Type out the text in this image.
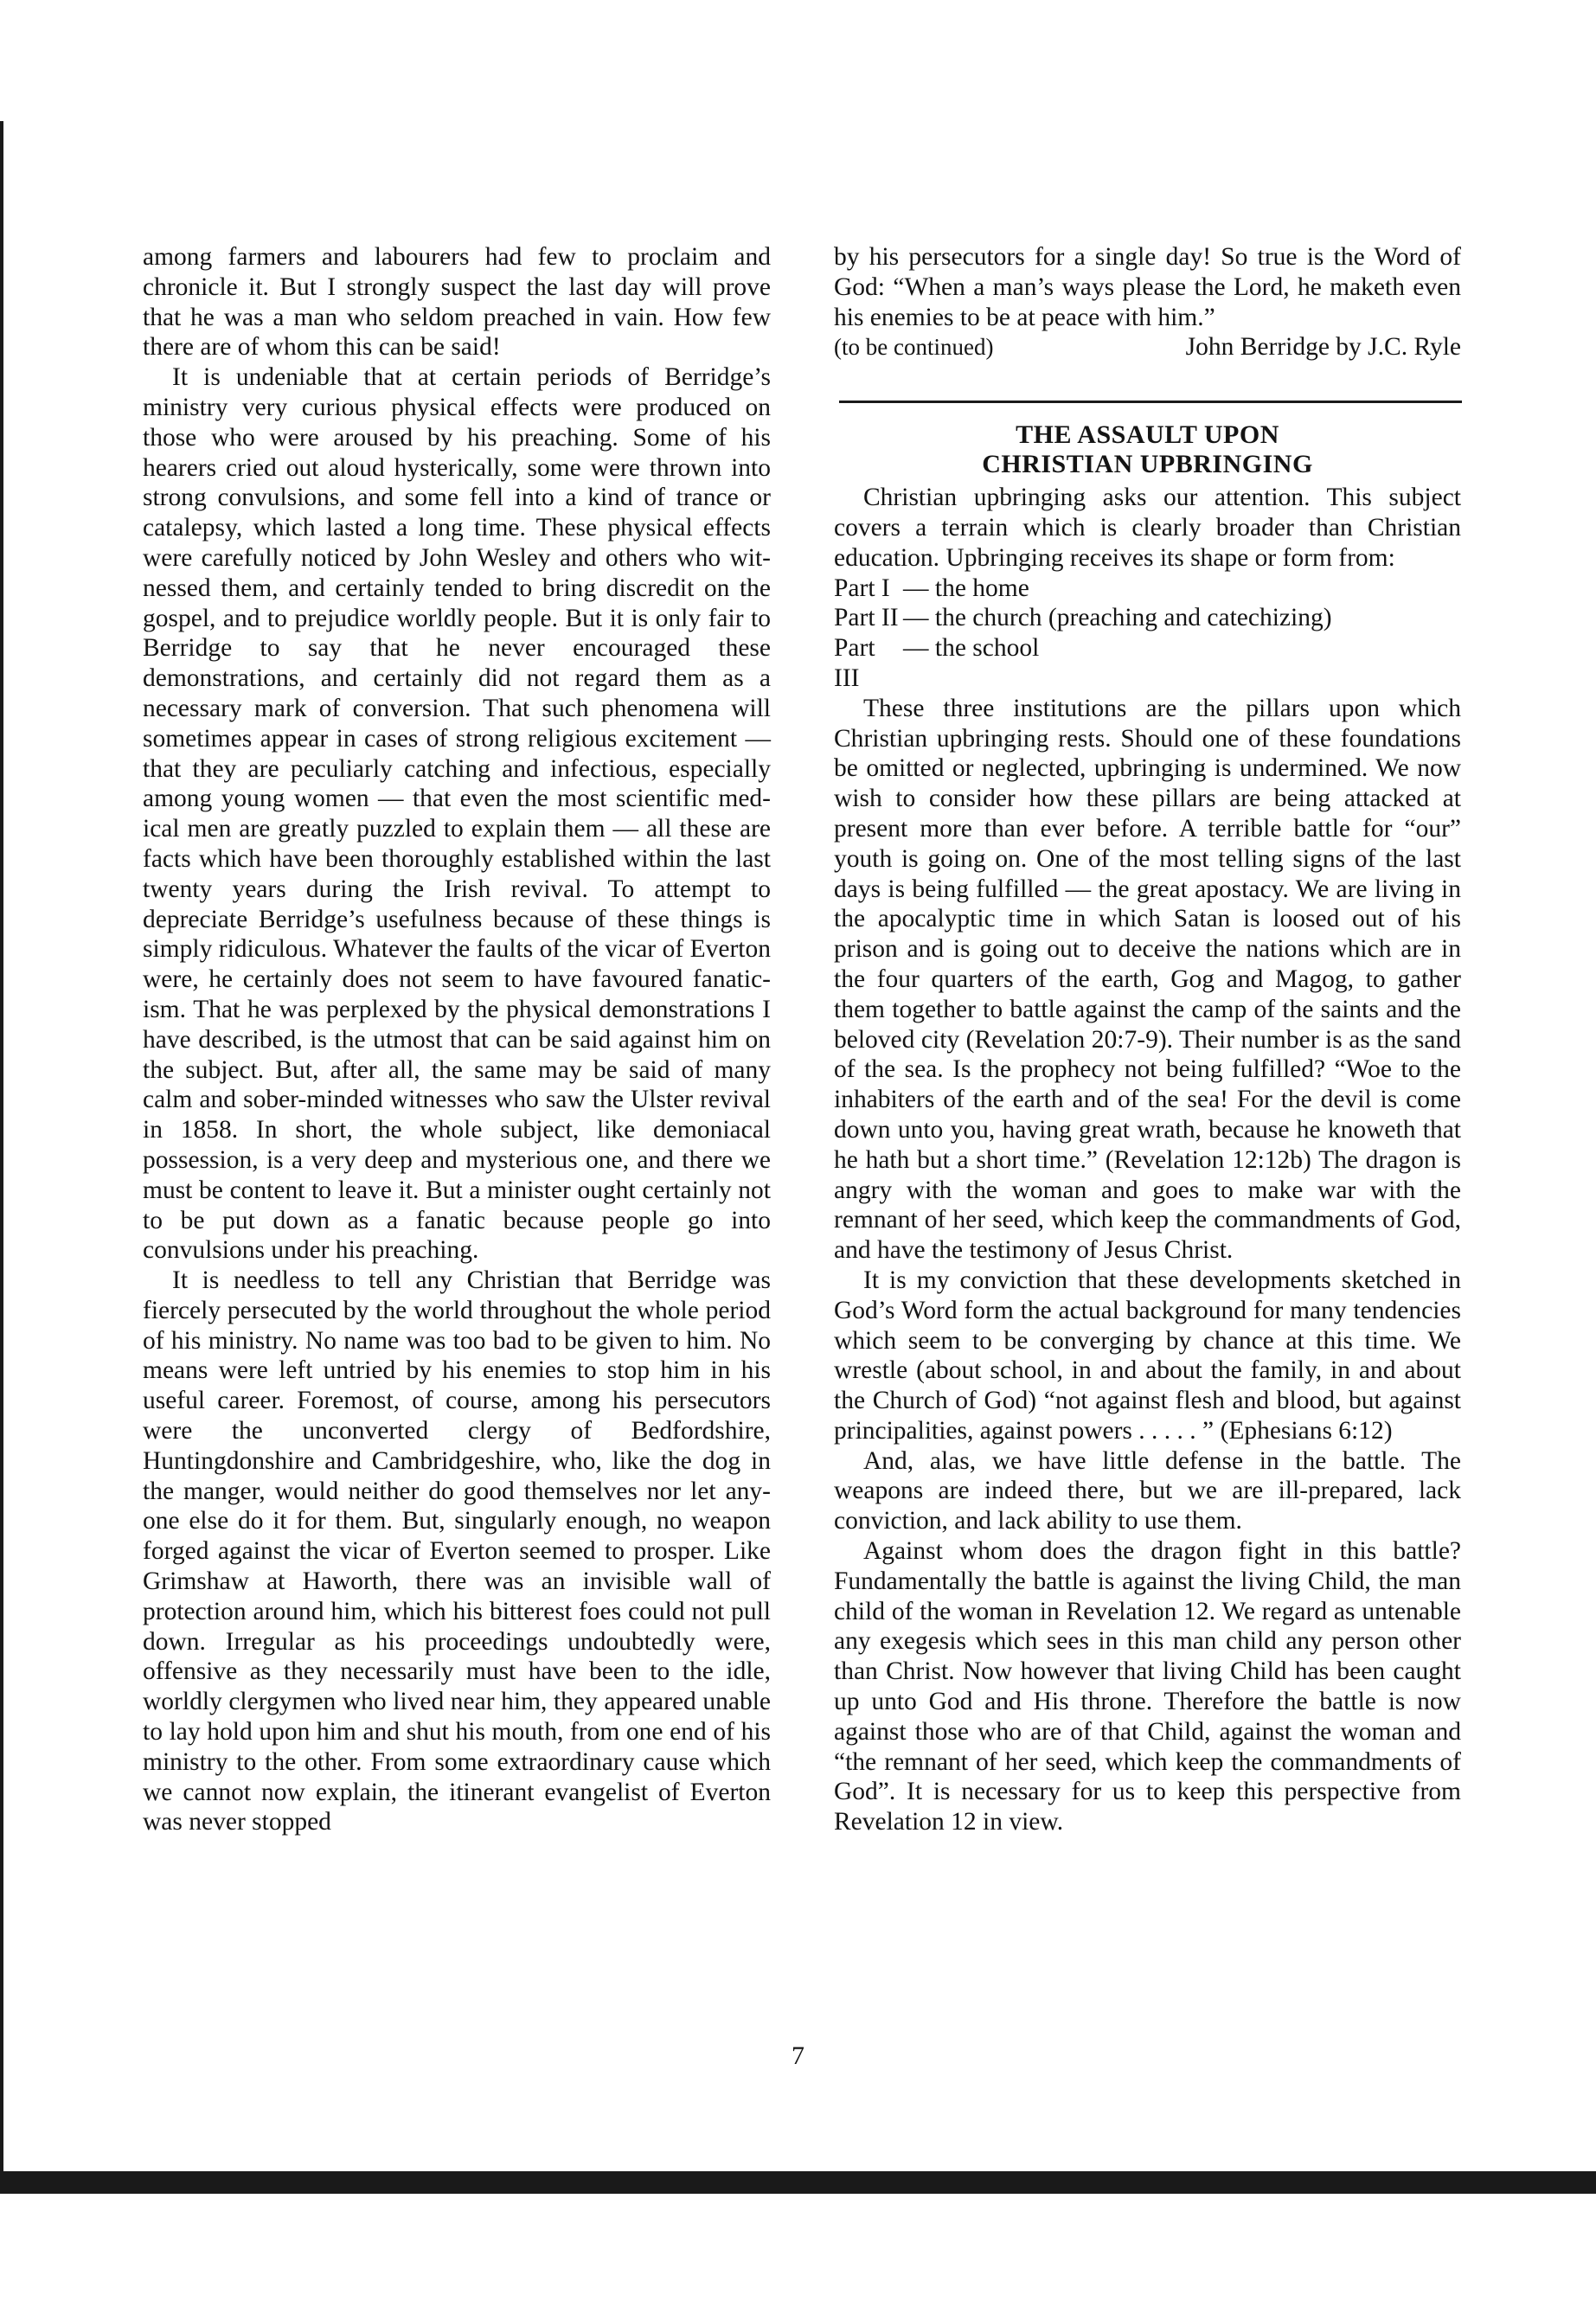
among farmers and labourers had few to proclaim and chronicle it. But I strongly suspect the last day will prove that he was a man who seldom preached in vain. How few there are of whom this can be said!

It is undeniable that at certain periods of Berridge’s ministry very curious physical effects were produced on those who were aroused by his preaching. Some of his hearers cried out aloud hysterically, some were thrown into strong convulsions, and some fell into a kind of trance or catalepsy, which lasted a long time. These physical effects were carefully noticed by John Wesley and others who witnessed them, and certainly tended to bring discredit on the gospel, and to prejudice worldly people. But it is only fair to Berridge to say that he never encouraged these demonstrations, and certainly did not regard them as a necessary mark of conversion. That such phenomena will sometimes appear in cases of strong religious excitement — that they are peculiarly catching and infectious, especially among young women — that even the most scientific medical men are greatly puzzled to explain them — all these are facts which have been thoroughly established within the last twenty years during the Irish revival. To attempt to depreciate Berridge’s usefulness because of these things is simply ridiculous. Whatever the faults of the vicar of Everton were, he certainly does not seem to have favoured fanaticism. That he was perplexed by the physical demonstrations I have described, is the utmost that can be said against him on the subject. But, after all, the same may be said of many calm and sober-minded witnesses who saw the Ulster revival in 1858. In short, the whole subject, like demoniacal possession, is a very deep and mysterious one, and there we must be content to leave it. But a minister ought certainly not to be put down as a fanatic because people go into convulsions under his preaching.

It is needless to tell any Christian that Berridge was fiercely persecuted by the world throughout the whole period of his ministry. No name was too bad to be given to him. No means were left untried by his enemies to stop him in his useful career. Foremost, of course, among his persecutors were the unconverted clergy of Bedfordshire, Huntingdonshire and Cambridgeshire, who, like the dog in the manger, would neither do good themselves nor let anyone else do it for them. But, singularly enough, no weapon forged against the vicar of Everton seemed to prosper. Like Grimshaw at Haworth, there was an invisible wall of protection around him, which his bitterest foes could not pull down. Irregular as his proceedings undoubtedly were, offensive as they necessarily must have been to the idle, worldly clergymen who lived near him, they appeared unable to lay hold upon him and shut his mouth, from one end of his ministry to the other. From some extraordinary cause which we cannot now explain, the itinerant evangelist of Everton was never stopped

by his persecutors for a single day! So true is the Word of God: “When a man’s ways please the Lord, he maketh even his enemies to be at peace with him.”

(to be continued)	John Berridge by J.C. Ryle
THE ASSAULT UPON
CHRISTIAN UPBRINGING

Christian upbringing asks our attention. This subject covers a terrain which is clearly broader than Christian education. Upbringing receives its shape or form from:

Part I — the home
Part II — the church (preaching and catechizing)
Part III
— the school

These three institutions are the pillars upon which Christian upbringing rests. Should one of these foundations be omitted or neglected, upbringing is undermined. We now wish to consider how these pillars are being attacked at present more than ever before. A terrible battle for “our” youth is going on. One of the most telling signs of the last days is being fulfilled — the great apostacy. We are living in the apocalyptic time in which Satan is loosed out of his prison and is going out to deceive the nations which are in the four quarters of the earth, Gog and Magog, to gather them together to battle against the camp of the saints and the beloved city (Revelation 20:7-9). Their number is as the sand of the sea. Is the prophecy not being fulfilled? “Woe to the inhabiters of the earth and of the sea! For the devil is come down unto you, having great wrath, because he knoweth that he hath but a short time.” (Revelation 12:12b) The dragon is angry with the woman and goes to make war with the remnant of her seed, which keep the commandments of God, and have the testimony of Jesus Christ.

It is my conviction that these developments sketched in God’s Word form the actual background for many tendencies which seem to be converging by chance at this time. We wrestle (about school, in and about the family, in and about the Church of God) “not against flesh and blood, but against principalities, against powers . . . . . ” (Ephesians 6:12)

And, alas, we have little defense in the battle. The weapons are indeed there, but we are ill-prepared, lack conviction, and lack ability to use them.

Against whom does the dragon fight in this battle? Fundamentally the battle is against the living Child, the man child of the woman in Revelation 12. We regard as untenable any exegesis which sees in this man child any person other than Christ. Now however that living Child has been caught up unto God and His throne. Therefore the battle is now against those who are of that Child, against the woman and “the remnant of her seed, which keep the commandments of God”. It is necessary for us to keep this perspective from Revelation 12 in view.

7
